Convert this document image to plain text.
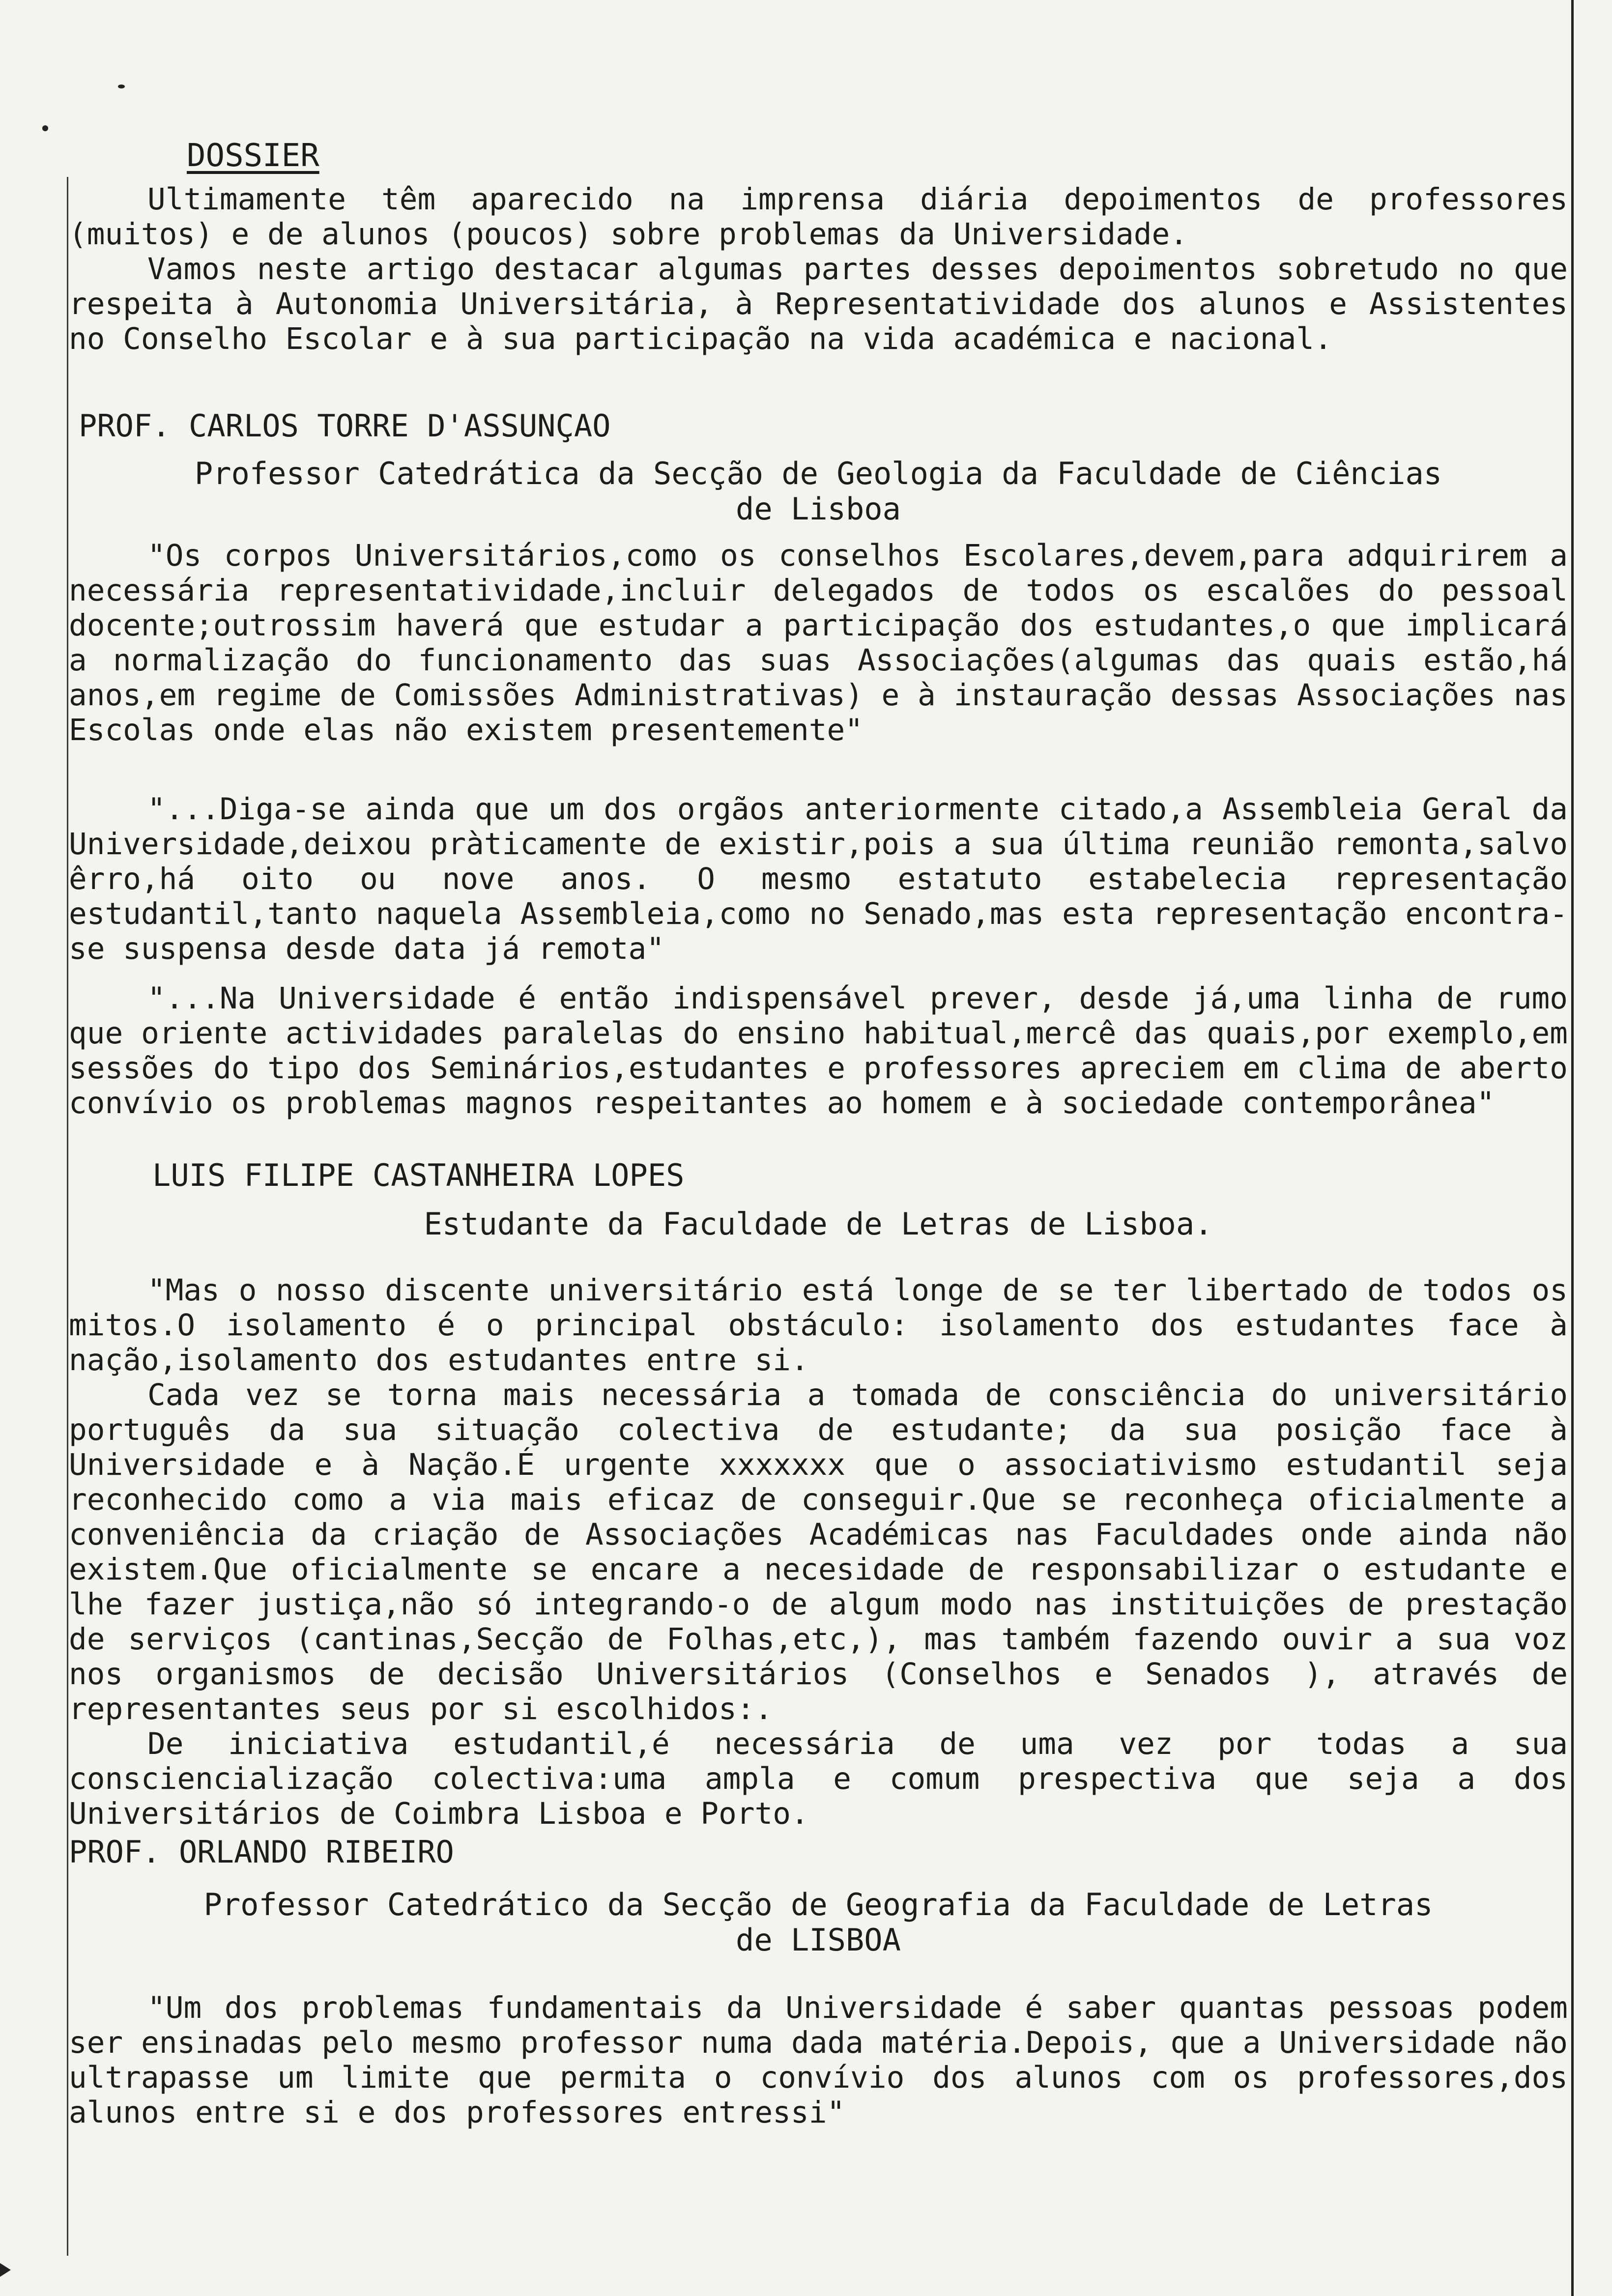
DOSSIER

Ultimamente têm aparecido na imprensa diária depoimentos de professores (muitos) e de alunos (poucos) sobre problemas da Universidade.

Vamos neste artigo destacar algumas partes desses depoimentos sobretudo no que respeita à Autonomia Universitária, à Representatividade dos alunos e Assistentes no Conselho Escolar e à sua participação na vida académica e nacional.

PROF. CARLOS TORRE D'ASSUNÇAO
Professor Catedrática da Secção de Geologia da Faculdade de Ciências
de Lisboa

"Os corpos Universitários,como os conselhos Escolares,devem,para adquirirem a necessária representatividade,incluir delegados de todos os escalões do pessoal docente;outrossim haverá que estudar a participação dos estudantes,o que implicará a normalização do funcionamento das suas Associações(algumas das quais estão,há anos,em regime de Comissões Administrativas) e à instauração dessas Associações nas Escolas onde elas não existem presentemente"

"...Diga-se ainda que um dos orgãos anteriormente citado,a Assembleia Geral da Universidade,deixou pràticamente de existir,pois a sua última reunião remonta,salvo êrro,há oito ou nove anos. O mesmo estatuto estabelecia representação estudantil,tanto naquela Assembleia,como no Senado,mas esta representação encontra-se suspensa desde data já remota"

"...Na Universidade é então indispensável prever, desde já,uma linha de rumo que oriente actividades paralelas do ensino habitual,mercê das quais,por exemplo,em sessões do tipo dos Seminários,estudantes e professores apreciem em clima de aberto convívio os problemas magnos respeitantes ao homem e à sociedade contemporânea"

LUIS FILIPE CASTANHEIRA LOPES
Estudante da Faculdade de Letras de Lisboa.

"Mas o nosso discente universitário está longe de se ter libertado de todos os mitos.O isolamento é o principal obstáculo: isolamento dos estudantes face à nação,isolamento dos estudantes entre si.

Cada vez se torna mais necessária a tomada de consciência do universitário português da sua situação colectiva de estudante; da sua posição face à Universidade e à Nação.É urgente xxxxxxx que o associativismo estudantil seja reconhecido como a via mais eficaz de conseguir.Que se reconheça oficialmente a conveniência da criação de Associações Académicas nas Faculdades onde ainda não existem.Que oficialmente se encare a necesidade de responsabilizar o estudante e lhe fazer justiça,não só integrando-o de algum modo nas instituições de prestação de serviços (cantinas,Secção de Folhas,etc,), mas também fazendo ouvir a sua voz nos organismos de decisão Universitários (Conselhos e Senados ), através de representantes seus por si escolhidos:.

De iniciativa estudantil,é necessária de uma vez por todas a sua consciencialização colectiva:uma ampla e comum prespectiva que seja a dos Universitários de Coimbra Lisboa e Porto.

PROF. ORLANDO RIBEIRO
Professor Catedrático da Secção de Geografia da Faculdade de Letras
de LISBOA

"Um dos problemas fundamentais da Universidade é saber quantas pessoas podem ser ensinadas pelo mesmo professor numa dada matéria.Depois, que a Universidade não ultrapasse um limite que permita o convívio dos alunos com os professores,dos alunos entre si e dos professores entressi"
